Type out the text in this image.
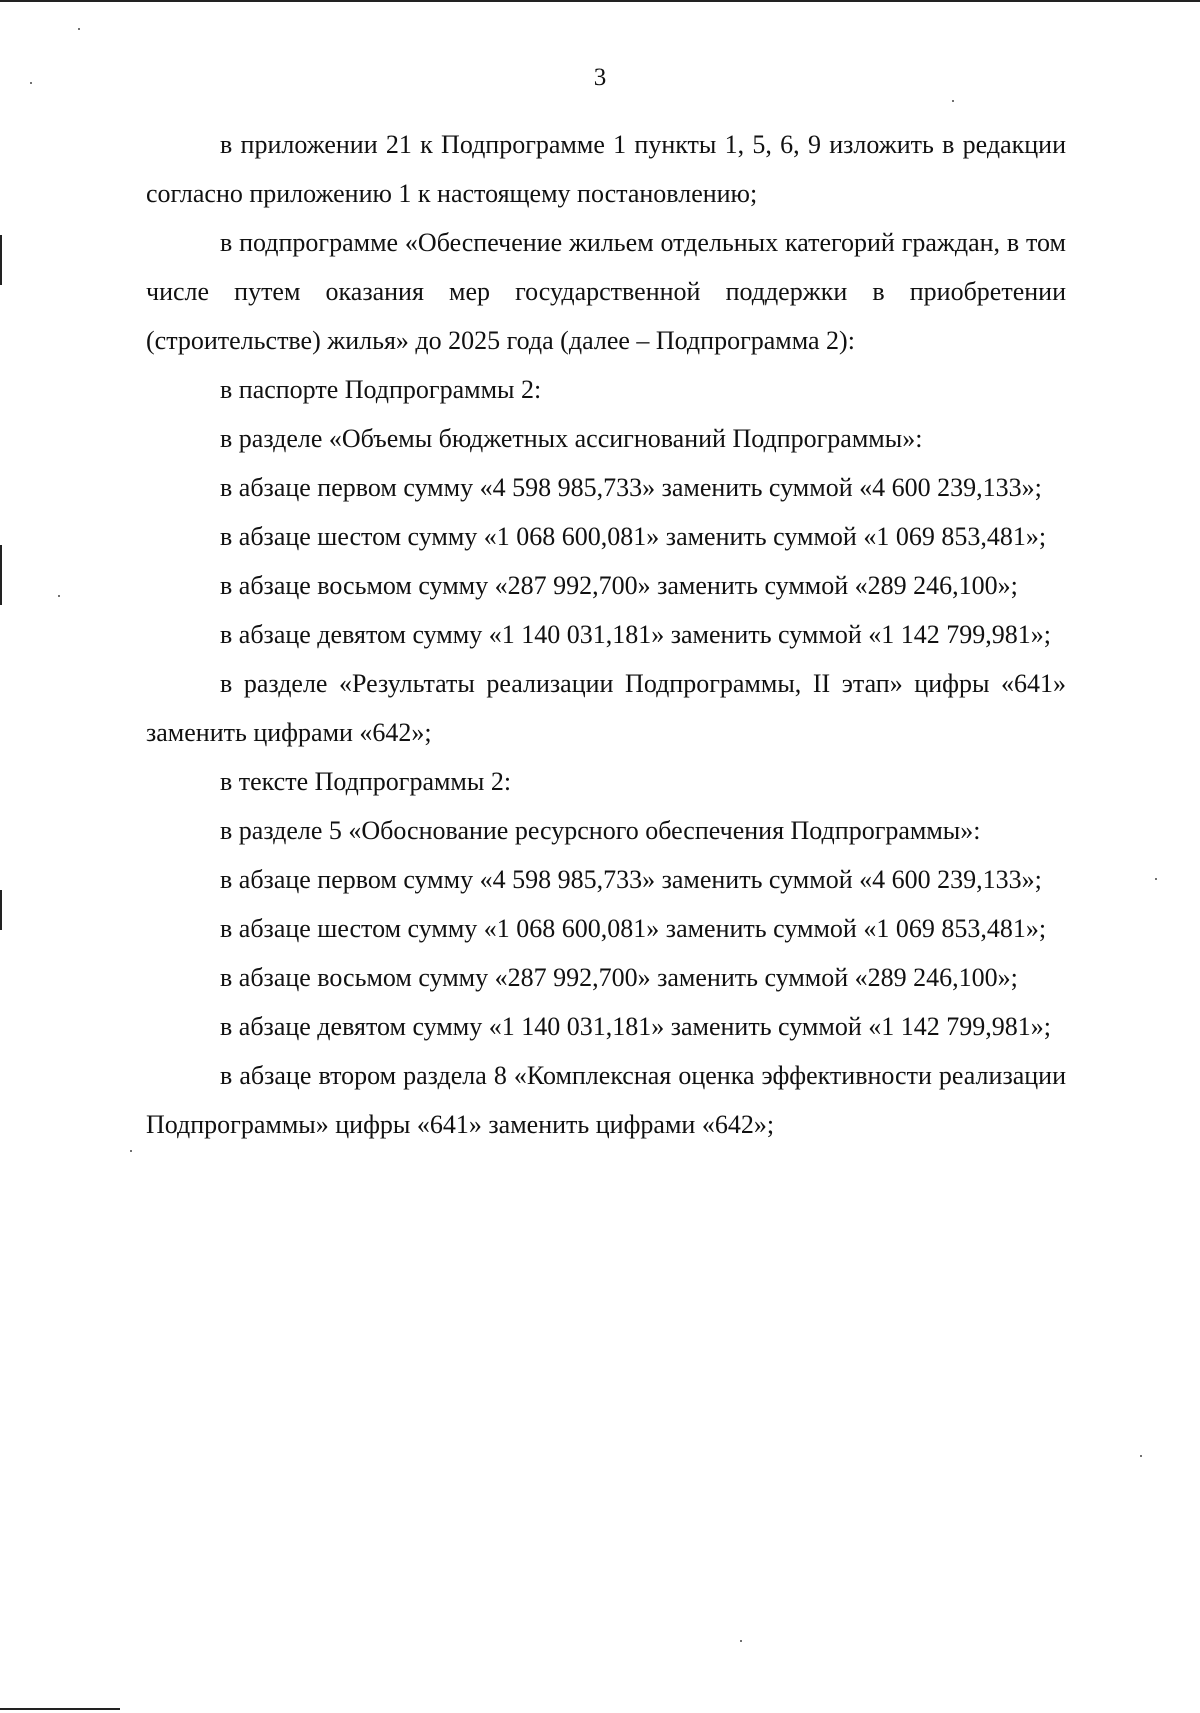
3

в приложении 21 к Подпрограмме 1 пункты 1, 5, 6, 9 изложить в редакции согласно приложению 1 к настоящему постановлению;

в подпрограмме «Обеспечение жильем отдельных категорий граждан, в том числе путем оказания мер государственной поддержки в приобретении (строительстве) жилья» до 2025 года (далее – Подпрограмма 2):

в паспорте Подпрограммы 2:

в разделе «Объемы бюджетных ассигнований Подпрограммы»:

в абзаце первом сумму «4 598 985,733» заменить суммой «4 600 239,133»;

в абзаце шестом сумму «1 068 600,081» заменить суммой «1 069 853,481»;

в абзаце восьмом сумму «287 992,700» заменить суммой «289 246,100»;

в абзаце девятом сумму «1 140 031,181» заменить суммой «1 142 799,981»;

в разделе «Результаты реализации Подпрограммы, II этап» цифры «641» заменить цифрами «642»;

в тексте Подпрограммы 2:

в разделе 5 «Обоснование ресурсного обеспечения Подпрограммы»:

в абзаце первом сумму «4 598 985,733» заменить суммой «4 600 239,133»;

в абзаце шестом сумму «1 068 600,081» заменить суммой «1 069 853,481»;

в абзаце восьмом сумму «287 992,700» заменить суммой «289 246,100»;

в абзаце девятом сумму «1 140 031,181» заменить суммой «1 142 799,981»;

в абзаце втором раздела 8 «Комплексная оценка эффективности реализации Подпрограммы» цифры «641» заменить цифрами «642»;
